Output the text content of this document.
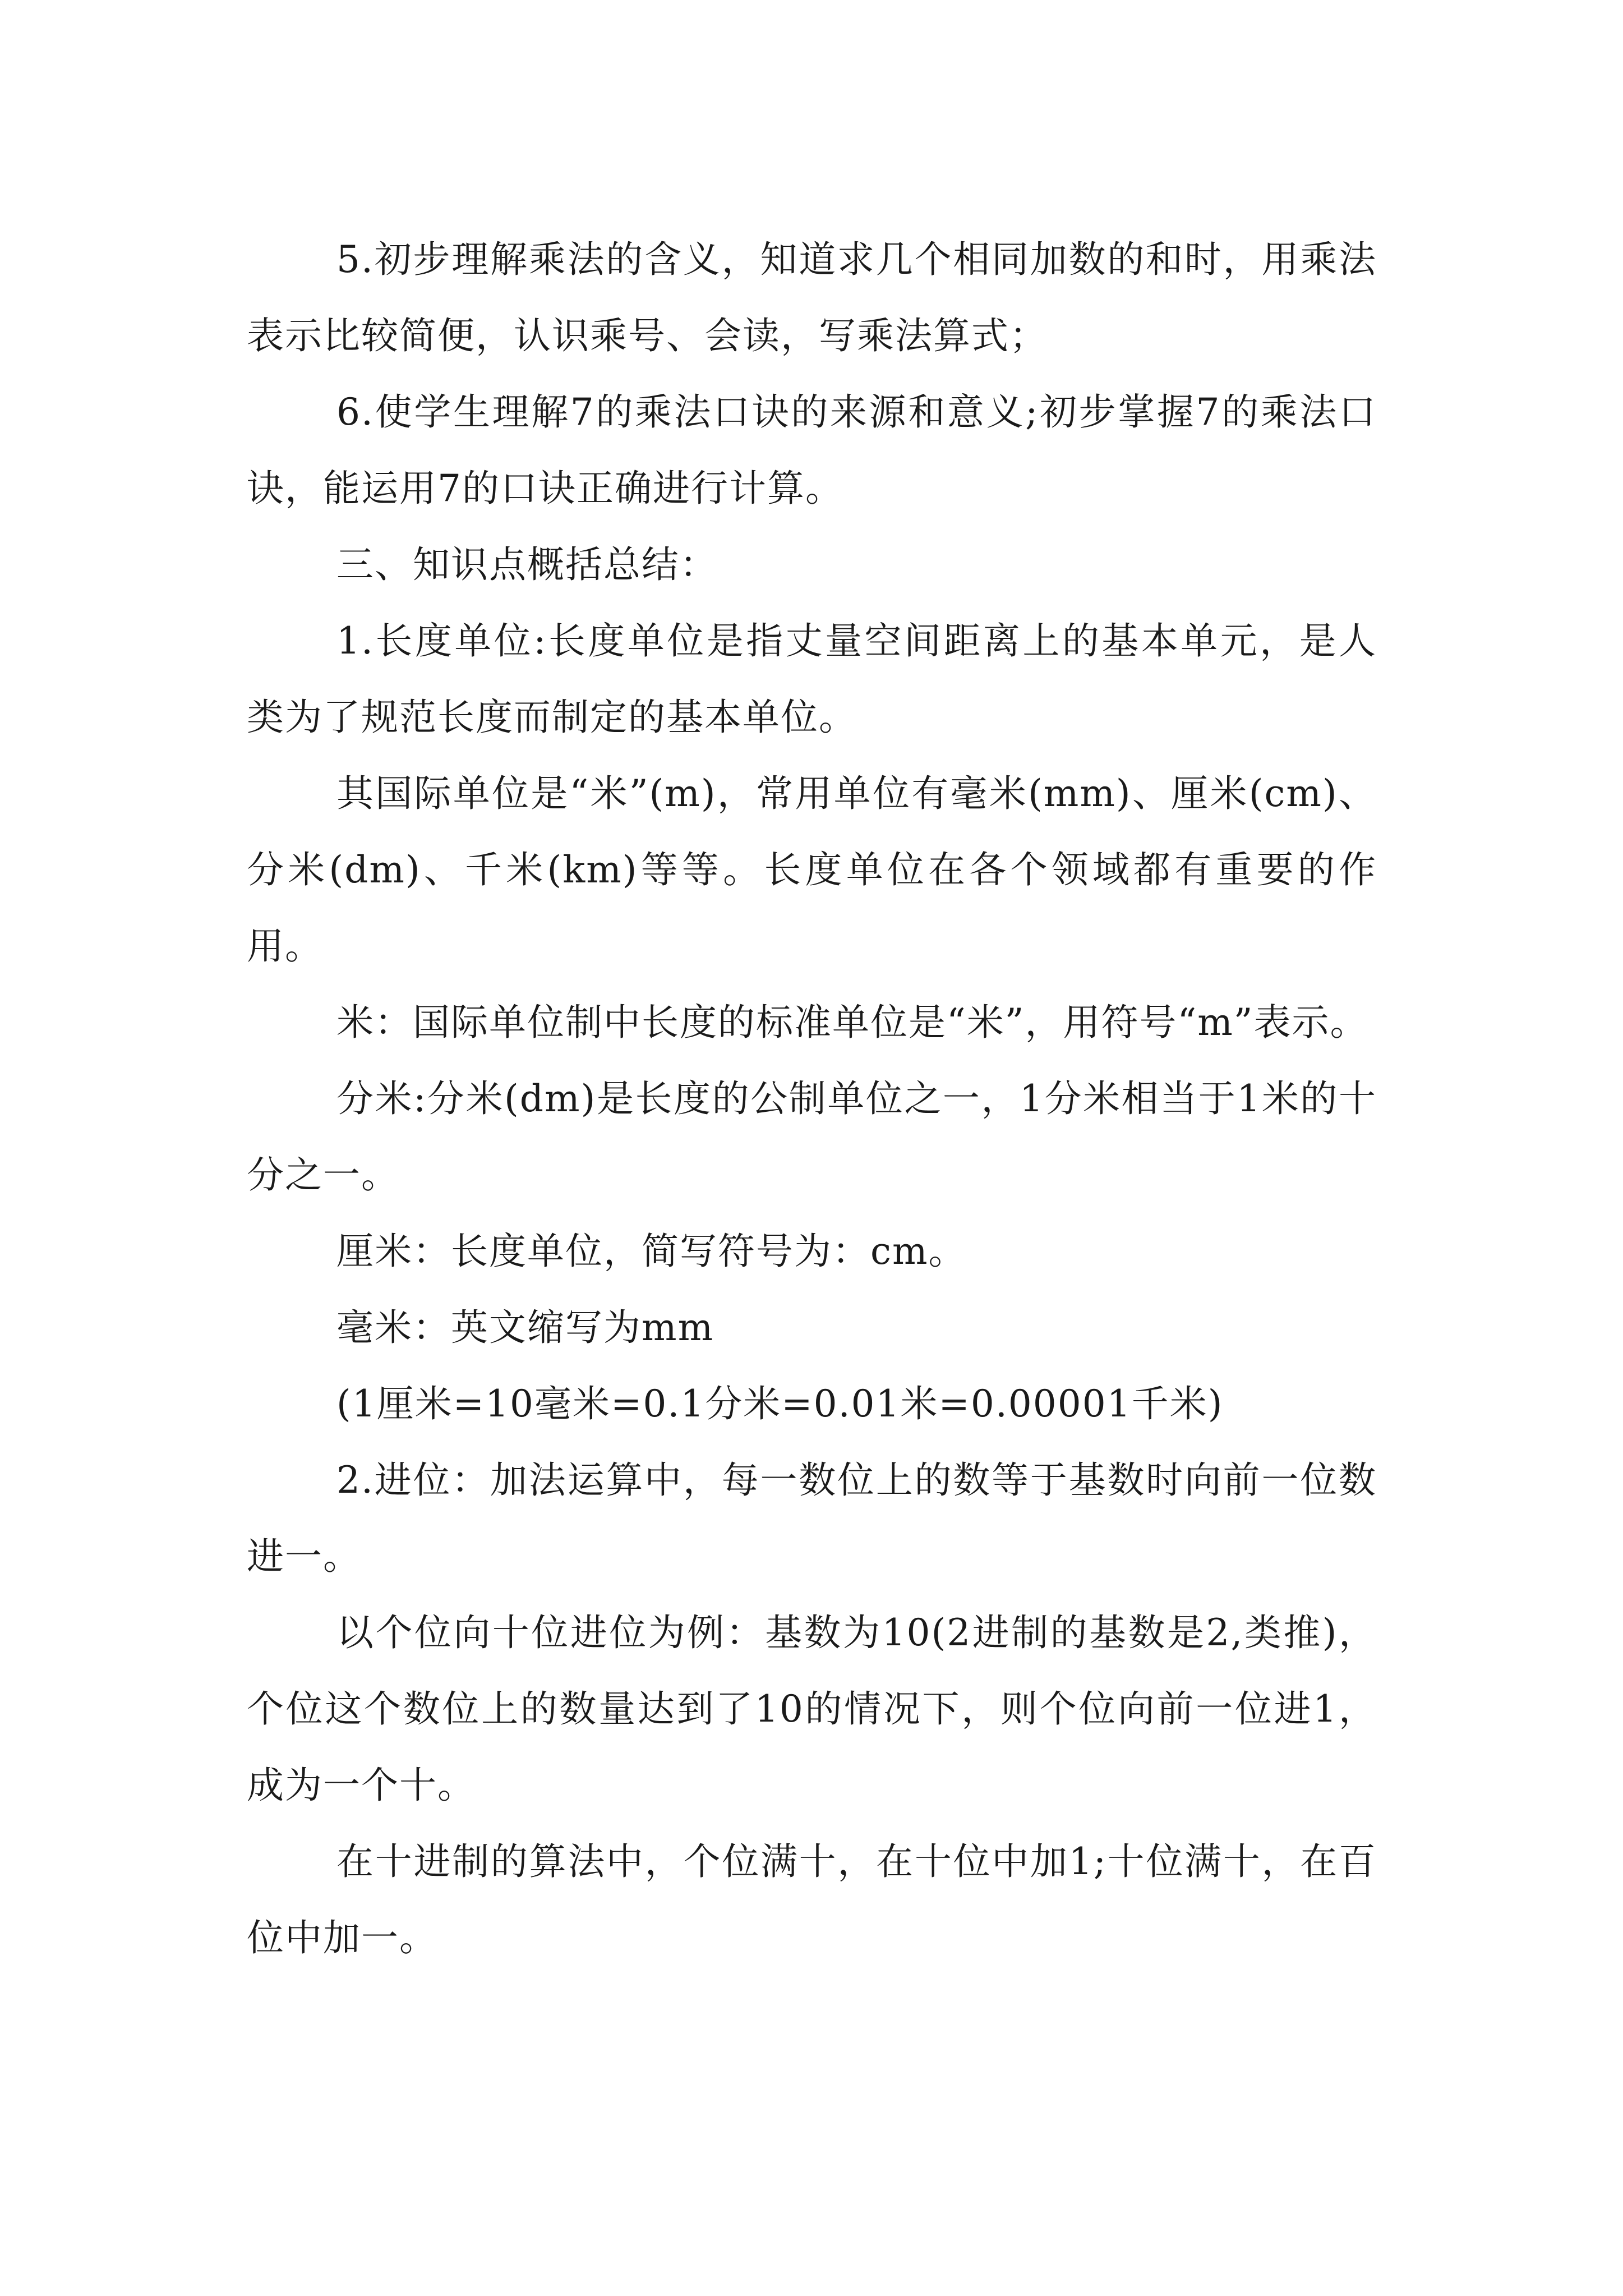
5.初步理解乘法的含义，知道求几个相同加数的和时，用乘法表示比较简便，认识乘号、会读，写乘法算式；

6.使学生理解7的乘法口诀的来源和意义;初步掌握7的乘法口诀，能运用7的口诀正确进行计算。

三、知识点概括总结：

1.长度单位:长度单位是指丈量空间距离上的基本单元，是人类为了规范长度而制定的基本单位。

其国际单位是“米”(m)，常用单位有毫米(mm)、厘米(cm)、分米(dm)、千米(km)等等。长度单位在各个领域都有重要的作用。

米：国际单位制中长度的标准单位是“米”，用符号“m”表示。

分米:分米(dm)是长度的公制单位之一，1分米相当于1米的十分之一。

厘米：长度单位，简写符号为：cm。

毫米：英文缩写为mm

(1厘米=10毫米=0.1分米=0.01米=0.00001千米)

2.进位：加法运算中，每一数位上的数等于基数时向前一位数进一。

以个位向十位进位为例：基数为10(2进制的基数是2,类推)，个位这个数位上的数量达到了10的情况下，则个位向前一位进1，成为一个十。

在十进制的算法中，个位满十，在十位中加1;十位满十，在百位中加一。
